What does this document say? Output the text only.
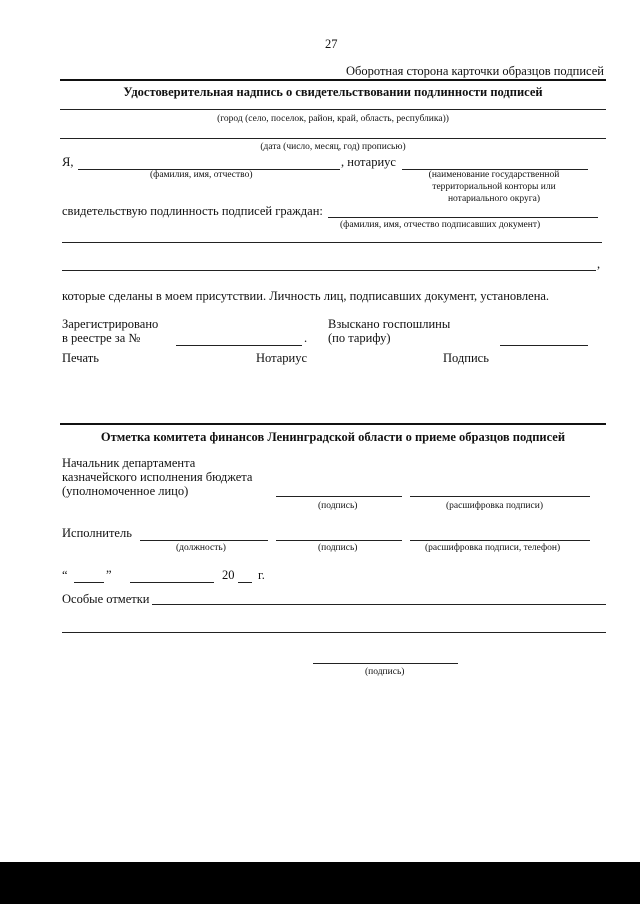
27
Оборотная сторона карточки образцов подписей
Удостоверительная надпись о свидетельствовании подлинности подписей
(город (село, поселок, район, край, область, республика))
(дата (число, месяц, год) прописью)
Я,	, нотариус
(фамилия, имя, отчество)	(наименование государственной
территориальной конторы или
нотариального округа)
свидетельствую подлинность подписей граждан:
(фамилия, имя, отчество подписавших документ)
,
которые сделаны в моем присутствии. Личность лиц, подписавших документ, установлена.
Зарегистрировано
в реестре за №	.
Взыскано госпошлины
(по тарифу)
Печать	Нотариус	Подпись
Отметка комитета финансов Ленинградской области о приеме образцов подписей
Начальник департамента
казначейского исполнения бюджета
(уполномоченное лицо)
(подпись)	(расшифровка подписи)
Исполнитель
(должность)	(подпись)	(расшифровка подписи, телефон)
“	”	20 г.
Особые отметки
(подпись)
